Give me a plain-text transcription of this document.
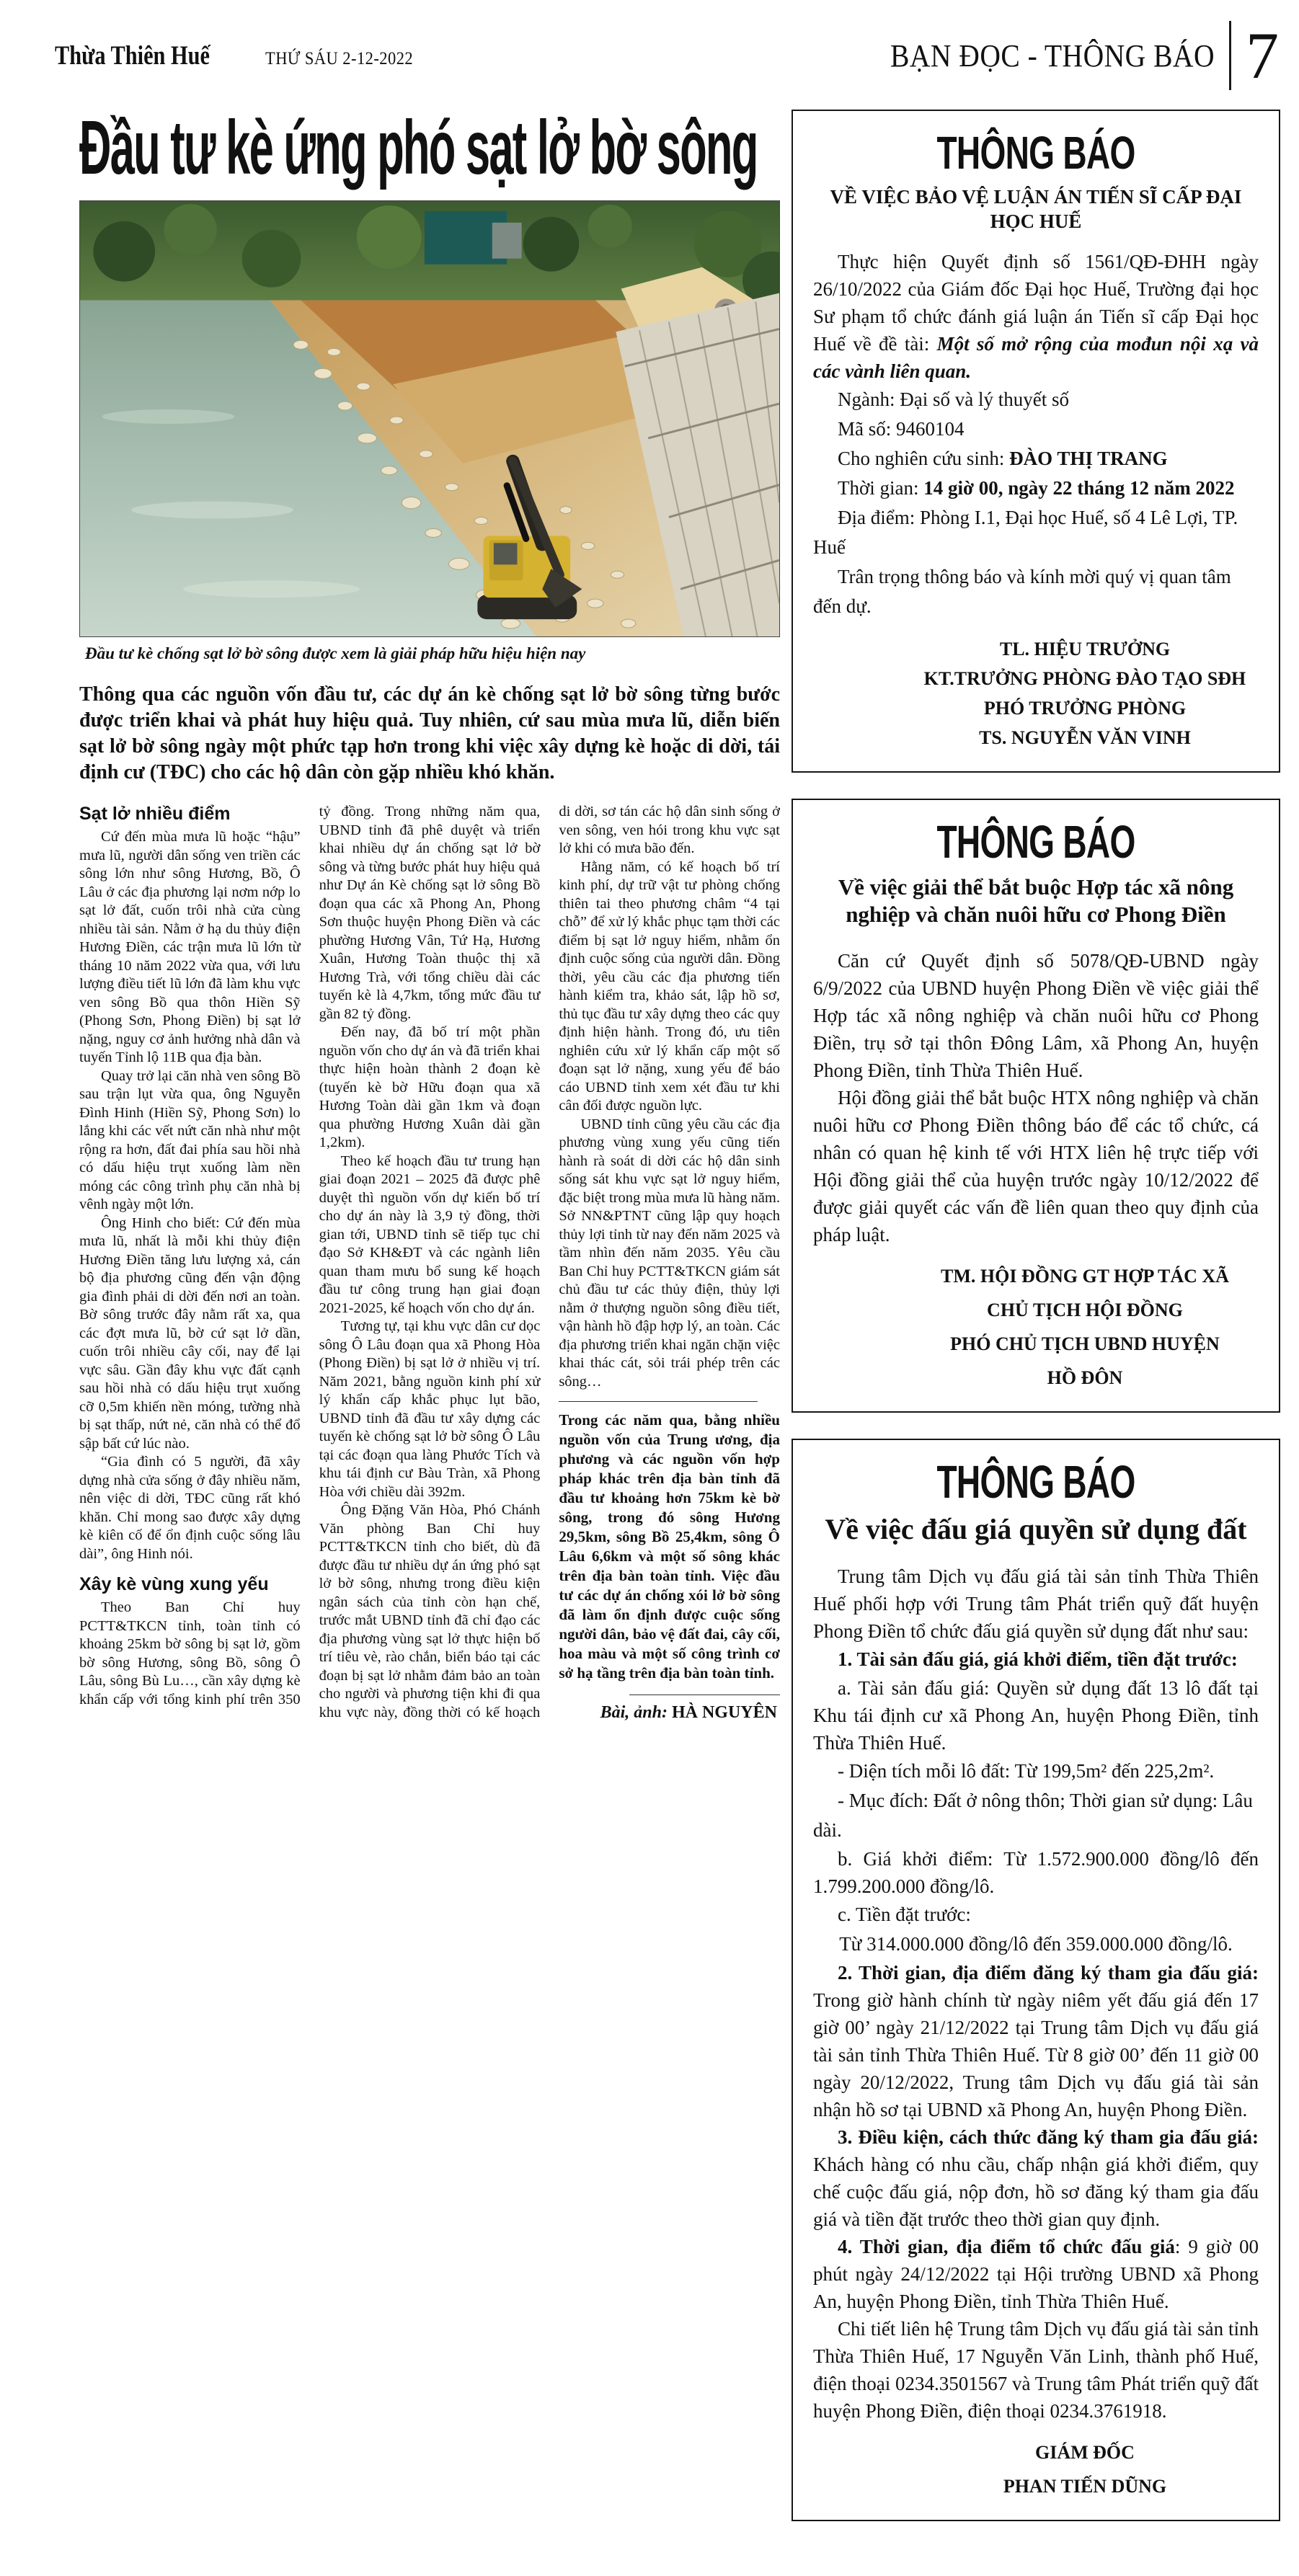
Thừa Thiên Huế	THỨ SÁU 2-12-2022	BẠN ĐỌC - THÔNG BÁO 7
Đầu tư kè ứng phó sạt lở bờ sông
Đầu tư kè chống sạt lở bờ sông được xem là giải pháp hữu hiệu hiện nay

Thông qua các nguồn vốn đầu tư, các dự án kè chống sạt lở bờ sông từng bước được triển khai và phát huy hiệu quả. Tuy nhiên, cứ sau mùa mưa lũ, diễn biến sạt lở bờ sông ngày một phức tạp hơn trong khi việc xây dựng kè hoặc di dời, tái định cư (TĐC) cho các hộ dân còn gặp nhiều khó khăn.

Sạt lở nhiều điểm

Cứ đến mùa mưa lũ hoặc “hậu” mưa lũ, người dân sống ven triền các sông lớn như sông Hương, Bồ, Ô Lâu ở các địa phương lại nơm nớp lo sạt lở đất, cuốn trôi nhà cửa cùng nhiều tài sản. Nằm ở hạ du thủy điện Hương Điền, các trận mưa lũ lớn từ tháng 10 năm 2022 vừa qua, với lưu lượng điều tiết lũ lớn đã làm khu vực ven sông Bồ qua thôn Hiền Sỹ (Phong Sơn, Phong Điền) bị sạt lở nặng, nguy cơ ảnh hưởng nhà dân và tuyến Tỉnh lộ 11B qua địa bàn.

Quay trở lại căn nhà ven sông Bồ sau trận lụt vừa qua, ông Nguyễn Đình Hinh (Hiền Sỹ, Phong Sơn) lo lắng khi các vết nứt căn nhà như một rộng ra hơn, đất đai phía sau hồi nhà có dấu hiệu trụt xuống làm nền móng các công trình phụ căn nhà bị vênh ngày một lớn.

Ông Hinh cho biết: Cứ đến mùa mưa lũ, nhất là mỗi khi thủy điện Hương Điền tăng lưu lượng xả, cán bộ địa phương cũng đến vận động gia đình phải di dời đến nơi an toàn. Bờ sông trước đây nằm rất xa, qua các đợt mưa lũ, bờ cứ sạt lở dần, cuốn trôi nhiều cây cối, nay để lại vực sâu. Gần đây khu vực đất cạnh sau hồi nhà có dấu hiệu trụt xuống cỡ 0,5m khiến nền móng, tường nhà bị sạt thấp, nứt nẻ, căn nhà có thể đổ sập bất cứ lúc nào.

“Gia đình có 5 người, đã xây dựng nhà cửa sống ở đây nhiều năm, nên việc di dời, TĐC cũng rất khó khăn. Chỉ mong sao được xây dựng kè kiên cố để ổn định cuộc sống lâu dài”, ông Hinh nói.

Xây kè vùng xung yếu

Theo Ban Chỉ huy PCTT&TKCN tỉnh, toàn tỉnh có khoảng 25km bờ sông bị sạt lở, gồm bờ sông Hương, sông Bồ, sông Ô Lâu, sông Bù Lu…, cần xây dựng kè khẩn cấp với tổng kinh phí trên 350 tỷ đồng. Trong những năm qua, UBND tỉnh đã phê duyệt và triển khai nhiều dự án chống sạt lở bờ sông và từng bước phát huy hiệu quả như Dự án Kè chống sạt lở sông Bồ đoạn qua các xã Phong An, Phong Sơn thuộc huyện Phong Điền và các phường Hương Vân, Tứ Hạ, Hương Xuân, Hương Toàn thuộc thị xã Hương Trà, với tổng chiều dài các tuyến kè là 4,7km, tổng mức đầu tư gần 82 tỷ đồng.

Đến nay, đã bố trí một phần nguồn vốn cho dự án và đã triển khai thực hiện hoàn thành 2 đoạn kè (tuyến kè bờ Hữu đoạn qua xã Hương Toàn dài gần 1km và đoạn qua phường Hương Xuân dài gần 1,2km).

Theo kế hoạch đầu tư trung hạn giai đoạn 2021 – 2025 đã được phê duyệt thì nguồn vốn dự kiến bố trí cho dự án này là 3,9 tỷ đồng, thời gian tới, UBND tỉnh sẽ tiếp tục chỉ đạo Sở KH&ĐT và các ngành liên quan tham mưu bổ sung kế hoạch đầu tư công trung hạn giai đoạn 2021-2025, kế hoạch vốn cho dự án.

Tương tự, tại khu vực dân cư dọc sông Ô Lâu đoạn qua xã Phong Hòa (Phong Điền) bị sạt lở ở nhiều vị trí. Năm 2021, bằng nguồn kinh phí xử lý khẩn cấp khắc phục lụt bão, UBND tỉnh đã đầu tư xây dựng các tuyến kè chống sạt lở bờ sông Ô Lâu tại các đoạn qua làng Phước Tích và khu tái định cư Bàu Tràn, xã Phong Hòa với chiều dài 392m.

Ông Đặng Văn Hòa, Phó Chánh Văn phòng Ban Chỉ huy PCTT&TKCN tỉnh cho biết, dù đã được đầu tư nhiều dự án ứng phó sạt lở bờ sông, nhưng trong điều kiện ngân sách của tỉnh còn hạn chế, trước mắt UBND tỉnh đã chỉ đạo các địa phương vùng sạt lở thực hiện bố trí tiêu vè, rào chắn, biển báo tại các đoạn bị sạt lở nhằm đảm bảo an toàn cho người và phương tiện khi đi qua khu vực này, đồng thời có kế hoạch di dời, sơ tán các hộ dân sinh sống ở ven sông, ven hói trong khu vực sạt lở khi có mưa bão đến.

Hằng năm, có kế hoạch bố trí kinh phí, dự trữ vật tư phòng chống thiên tai theo phương châm “4 tại chỗ” để xử lý khắc phục tạm thời các điểm bị sạt lở nguy hiểm, nhằm ổn định cuộc sống của người dân. Đồng thời, yêu cầu các địa phương tiến hành kiểm tra, khảo sát, lập hồ sơ, thủ tục đầu tư xây dựng theo các quy định hiện hành. Trong đó, ưu tiên nghiên cứu xử lý khẩn cấp một số đoạn sạt lở nặng, xung yếu để báo cáo UBND tỉnh xem xét đầu tư khi cân đối được nguồn lực.

UBND tỉnh cũng yêu cầu các địa phương vùng xung yếu cũng tiến hành rà soát di dời các hộ dân sinh sống sát khu vực sạt lở nguy hiểm, đặc biệt trong mùa mưa lũ hàng năm. Sở NN&PTNT cũng lập quy hoạch thủy lợi tỉnh từ nay đến năm 2025 và tầm nhìn đến năm 2035. Yêu cầu Ban Chỉ huy PCTT&TKCN giám sát chủ đầu tư các thủy điện, thủy lợi nằm ở thượng nguồn sông điều tiết, vận hành hồ đập hợp lý, an toàn. Các địa phương triển khai ngăn chặn việc khai thác cát, sỏi trái phép trên các sông…

Trong các năm qua, bằng nhiều nguồn vốn của Trung ương, địa phương và các nguồn vốn hợp pháp khác trên địa bàn tỉnh đã đầu tư khoảng hơn 75km kè bờ sông, trong đó sông Hương 29,5km, sông Bồ 25,4km, sông Ô Lâu 6,6km và một số sông khác trên địa bàn toàn tỉnh. Việc đầu tư các dự án chống xói lở bờ sông đã làm ổn định được cuộc sống người dân, bảo vệ đất đai, cây cối, hoa màu và một số công trình cơ sở hạ tầng trên địa bàn toàn tỉnh.

Bài, ảnh: HÀ NGUYÊN

THÔNG BÁO
VỀ VIỆC BẢO VỆ LUẬN ÁN TIẾN SĨ CẤP ĐẠI HỌC HUẾ

Thực hiện Quyết định số 1561/QĐ-ĐHH ngày 26/10/2022 của Giám đốc Đại học Huế, Trường đại học Sư phạm tổ chức đánh giá luận án Tiến sĩ cấp Đại học Huế về đề tài: Một số mở rộng của mođun nội xạ và các vành liên quan.

Ngành: Đại số và lý thuyết số

Mã số: 9460104

Cho nghiên cứu sinh: ĐÀO THỊ TRANG

Thời gian: 14 giờ 00, ngày 22 tháng 12 năm 2022

Địa điểm: Phòng I.1, Đại học Huế, số 4 Lê Lợi, TP. Huế

Trân trọng thông báo và kính mời quý vị quan tâm đến dự.

TL. HIỆU TRƯỞNG

KT.TRƯỞNG PHÒNG ĐÀO TẠO SĐH

PHÓ TRƯỞNG PHÒNG

TS. NGUYỄN VĂN VINH

THÔNG BÁO
Về việc giải thể bắt buộc Hợp tác xã nông nghiệp và chăn nuôi hữu cơ Phong Điền

Căn cứ Quyết định số 5078/QĐ-UBND ngày 6/9/2022 của UBND huyện Phong Điền về việc giải thể Hợp tác xã nông nghiệp và chăn nuôi hữu cơ Phong Điền, trụ sở tại thôn Đông Lâm, xã Phong An, huyện Phong Điền, tỉnh Thừa Thiên Huế.

Hội đồng giải thể bắt buộc HTX nông nghiệp và chăn nuôi hữu cơ Phong Điền thông báo để các tổ chức, cá nhân có quan hệ kinh tế với HTX liên hệ trực tiếp với Hội đồng giải thể của huyện trước ngày 10/12/2022 để được giải quyết các vấn đề liên quan theo quy định của pháp luật.

TM. HỘI ĐỒNG GT HỢP TÁC XÃ

CHỦ TỊCH HỘI ĐỒNG

PHÓ CHỦ TỊCH UBND HUYỆN

HỒ ĐÔN

THÔNG BÁO
Về việc đấu giá quyền sử dụng đất

Trung tâm Dịch vụ đấu giá tài sản tỉnh Thừa Thiên Huế phối hợp với Trung tâm Phát triển quỹ đất huyện Phong Điền tổ chức đấu giá quyền sử dụng đất như sau:

1. Tài sản đấu giá, giá khởi điểm, tiền đặt trước:

a. Tài sản đấu giá: Quyền sử dụng đất 13 lô đất tại Khu tái định cư xã Phong An, huyện Phong Điền, tỉnh Thừa Thiên Huế.

- Diện tích mỗi lô đất: Từ 199,5m² đến 225,2m².

- Mục đích: Đất ở nông thôn; Thời gian sử dụng: Lâu dài.

b. Giá khởi điểm: Từ 1.572.900.000 đồng/lô đến 1.799.200.000 đồng/lô.

c. Tiền đặt trước:

Từ 314.000.000 đồng/lô đến 359.000.000 đồng/lô.

2. Thời gian, địa điểm đăng ký tham gia đấu giá: Trong giờ hành chính từ ngày niêm yết đấu giá đến 17 giờ 00’ ngày 21/12/2022 tại Trung tâm Dịch vụ đấu giá tài sản tỉnh Thừa Thiên Huế. Từ 8 giờ 00’ đến 11 giờ 00 ngày 20/12/2022, Trung tâm Dịch vụ đấu giá tài sản nhận hồ sơ tại UBND xã Phong An, huyện Phong Điền.

3. Điều kiện, cách thức đăng ký tham gia đấu giá: Khách hàng có nhu cầu, chấp nhận giá khởi điểm, quy chế cuộc đấu giá, nộp đơn, hồ sơ đăng ký tham gia đấu giá và tiền đặt trước theo thời gian quy định.

4. Thời gian, địa điểm tổ chức đấu giá: 9 giờ 00 phút ngày 24/12/2022 tại Hội trường UBND xã Phong An, huyện Phong Điền, tỉnh Thừa Thiên Huế.

Chi tiết liên hệ Trung tâm Dịch vụ đấu giá tài sản tỉnh Thừa Thiên Huế, 17 Nguyễn Văn Linh, thành phố Huế, điện thoại 0234.3501567 và Trung tâm Phát triển quỹ đất huyện Phong Điền, điện thoại 0234.3761918.

GIÁM ĐỐC

PHAN TIẾN DŨNG
